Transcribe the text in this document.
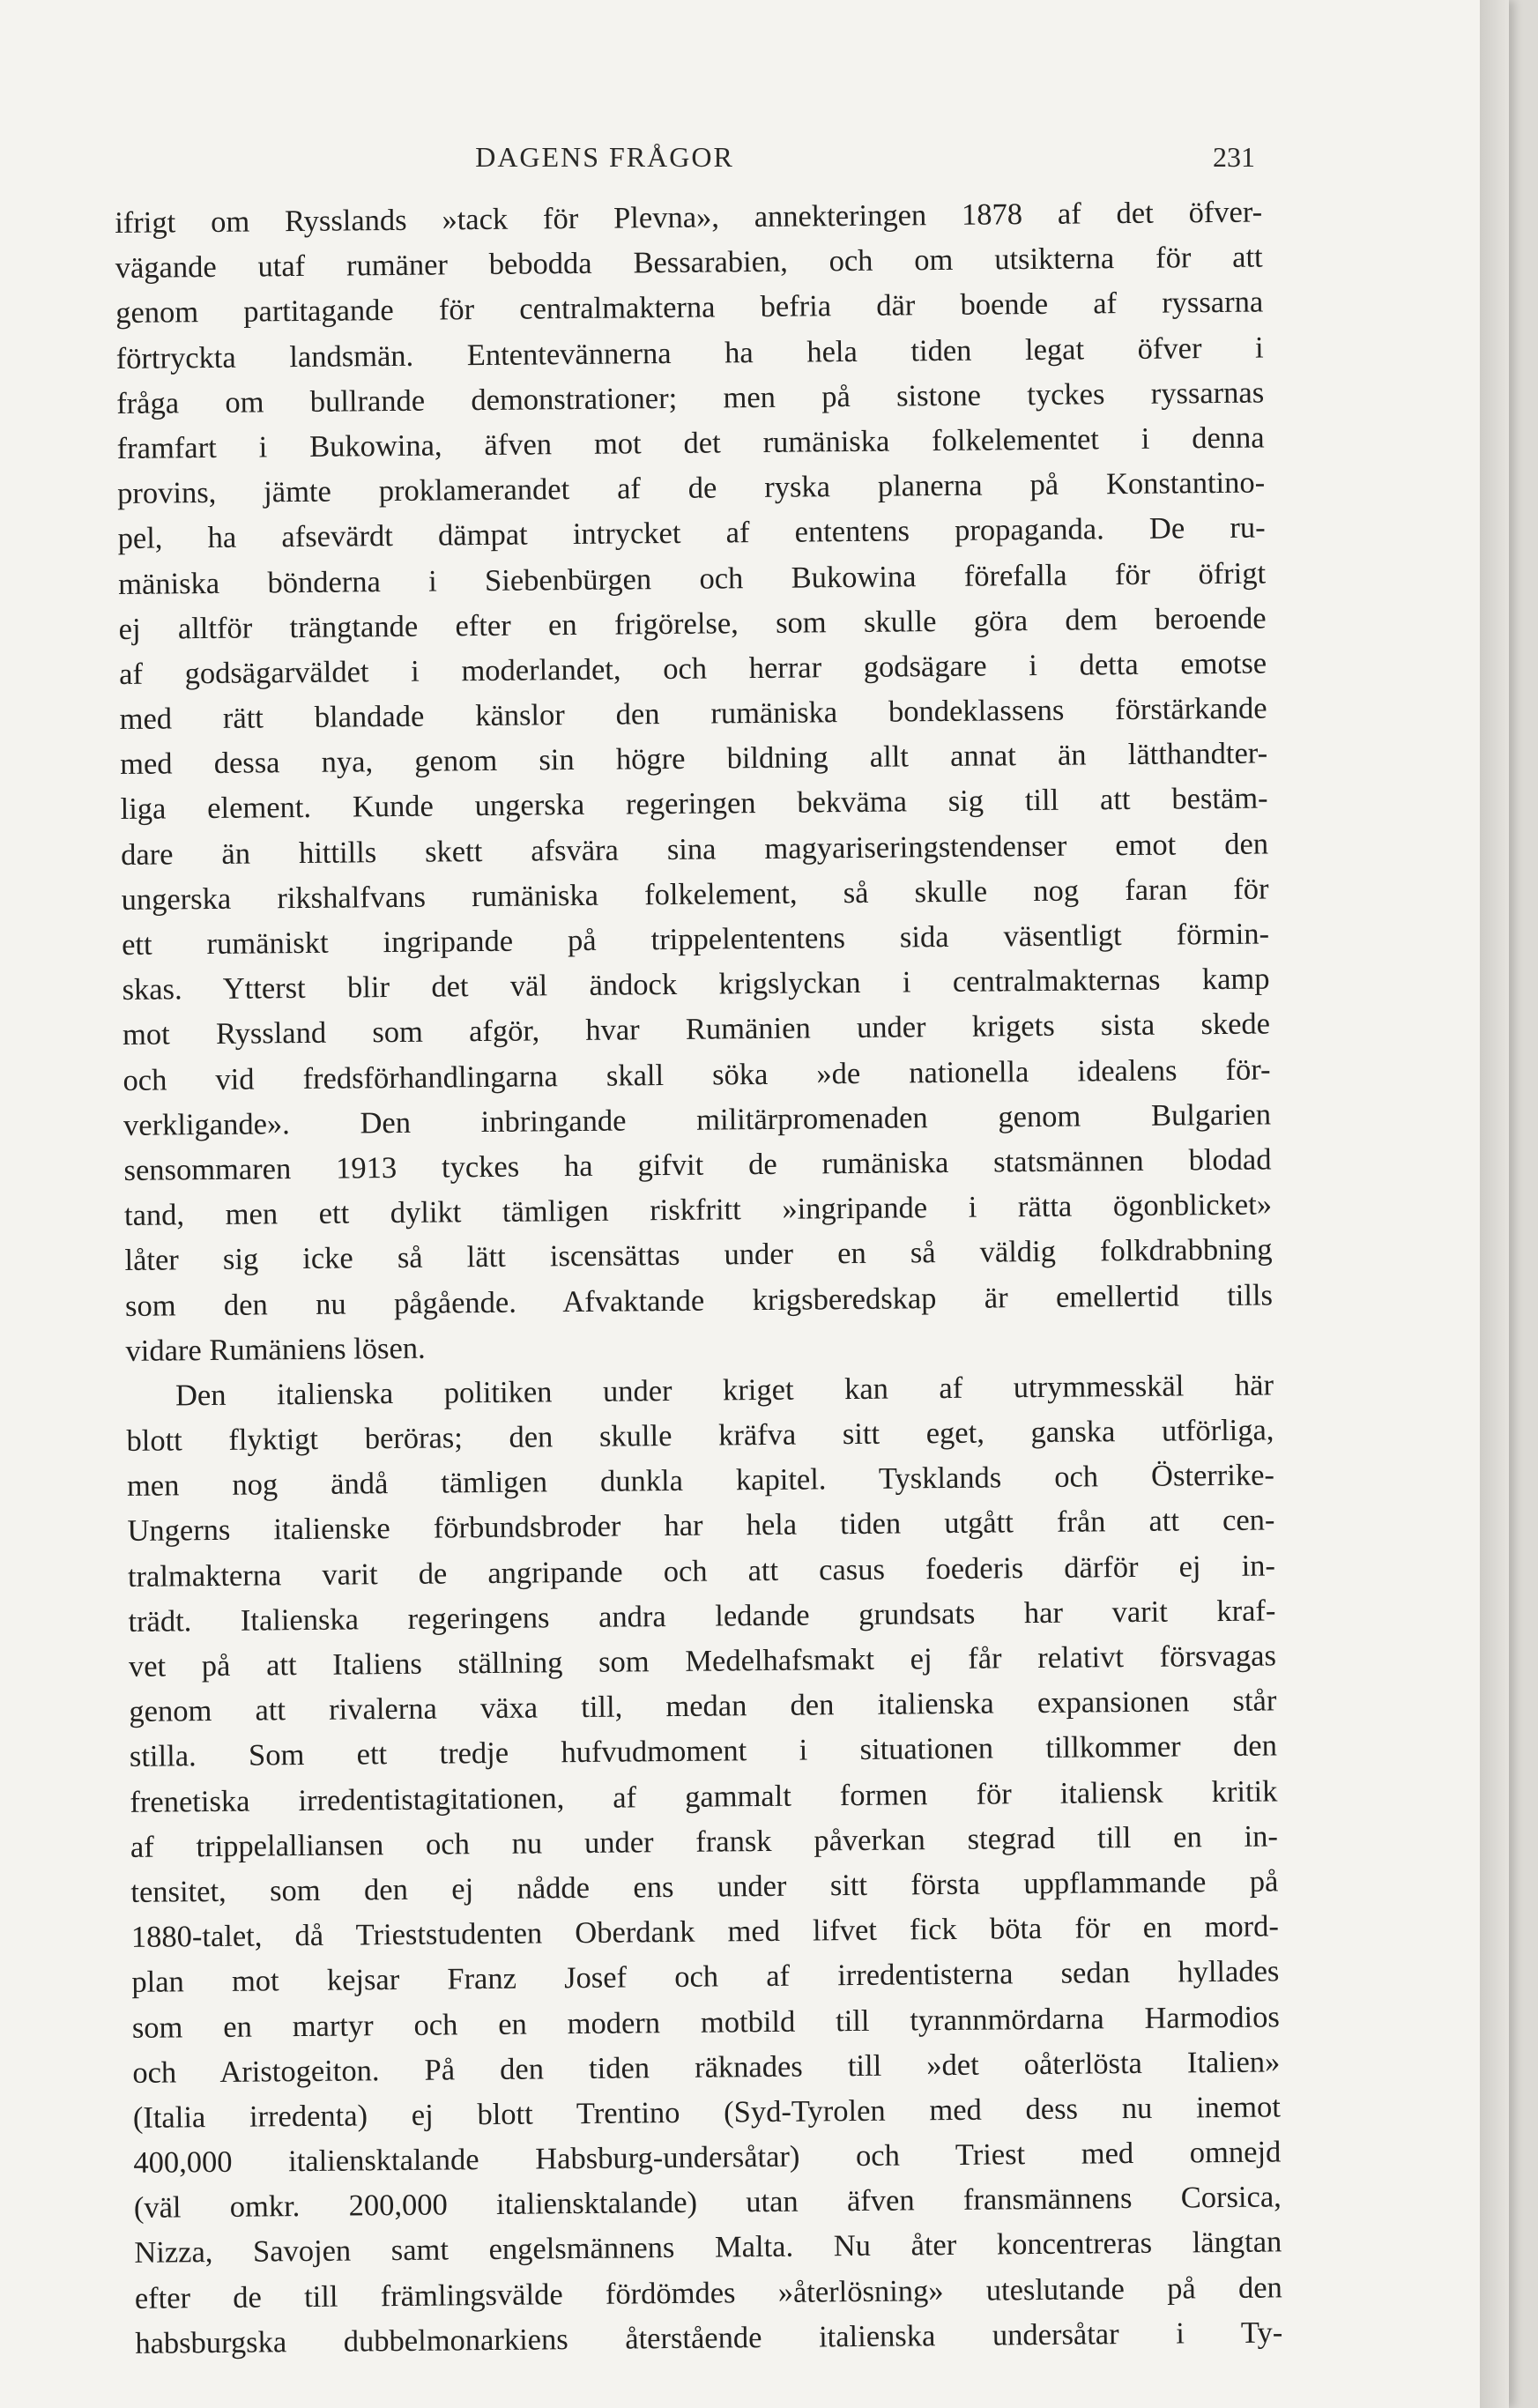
DAGENS FRÅGOR	231
ifrigt om Rysslands »tack för Plevna», annekteringen 1878 af det öfver-
vägande utaf rumäner bebodda Bessarabien, och om utsikterna för att
genom partitagande för centralmakterna befria där boende af ryssarna
förtryckta landsmän. Ententevännerna ha hela tiden legat öfver i
fråga om bullrande demonstrationer; men på sistone tyckes ryssarnas
framfart i Bukowina, äfven mot det rumäniska folkelementet i denna
provins, jämte proklamerandet af de ryska planerna på Konstantino-
pel, ha afsevärdt dämpat intrycket af ententens propaganda. De ru-
mäniska bönderna i Siebenbürgen och Bukowina förefalla för öfrigt
ej alltför trängtande efter en frigörelse, som skulle göra dem beroende
af godsägarväldet i moderlandet, och herrar godsägare i detta emotse
med rätt blandade känslor den rumäniska bondeklassens förstärkande
med dessa nya, genom sin högre bildning allt annat än lätthandter-
liga element. Kunde ungerska regeringen bekväma sig till att bestäm-
dare än hittills skett afsvära sina magyariseringstendenser emot den
ungerska rikshalfvans rumäniska folkelement, så skulle nog faran för
ett rumäniskt ingripande på trippelententens sida väsentligt förmin-
skas. Ytterst blir det väl ändock krigslyckan i centralmakternas kamp
mot Ryssland som afgör, hvar Rumänien under krigets sista skede
och vid fredsförhandlingarna skall söka »de nationella idealens för-
verkligande». Den inbringande militärpromenaden genom Bulgarien
sensommaren 1913 tyckes ha gifvit de rumäniska statsmännen blodad
tand, men ett dylikt tämligen riskfritt »ingripande i rätta ögonblicket»
låter sig icke så lätt iscensättas under en så väldig folkdrabbning
som den nu pågående. Afvaktande krigsberedskap är emellertid tills
vidare Rumäniens lösen.
Den italienska politiken under kriget kan af utrymmesskäl här
blott flyktigt beröras; den skulle kräfva sitt eget, ganska utförliga,
men nog ändå tämligen dunkla kapitel. Tysklands och Österrike-
Ungerns italienske förbundsbroder har hela tiden utgått från att cen-
tralmakterna varit de angripande och att casus foederis därför ej in-
trädt. Italienska regeringens andra ledande grundsats har varit kraf-
vet på att Italiens ställning som Medelhafsmakt ej får relativt försvagas
genom att rivalerna växa till, medan den italienska expansionen står
stilla. Som ett tredje hufvudmoment i situationen tillkommer den
frenetiska irredentistagitationen, af gammalt formen för italiensk kritik
af trippelalliansen och nu under fransk påverkan stegrad till en in-
tensitet, som den ej nådde ens under sitt första uppflammande på
1880-talet, då Trieststudenten Oberdank med lifvet fick böta för en mord-
plan mot kejsar Franz Josef och af irredentisterna sedan hyllades
som en martyr och en modern motbild till tyrannmördarna Harmodios
och Aristogeiton. På den tiden räknades till »det oåterlösta Italien»
(Italia irredenta) ej blott Trentino (Syd-Tyrolen med dess nu inemot
400,000 italiensktalande Habsburg-undersåtar) och Triest med omnejd
(väl omkr. 200,000 italiensktalande) utan äfven fransmännens Corsica,
Nizza, Savojen samt engelsmännens Malta. Nu åter koncentreras längtan
efter de till främlingsvälde fördömdes »återlösning» uteslutande på den
habsburgska dubbelmonarkiens återstående italienska undersåtar i Ty-
